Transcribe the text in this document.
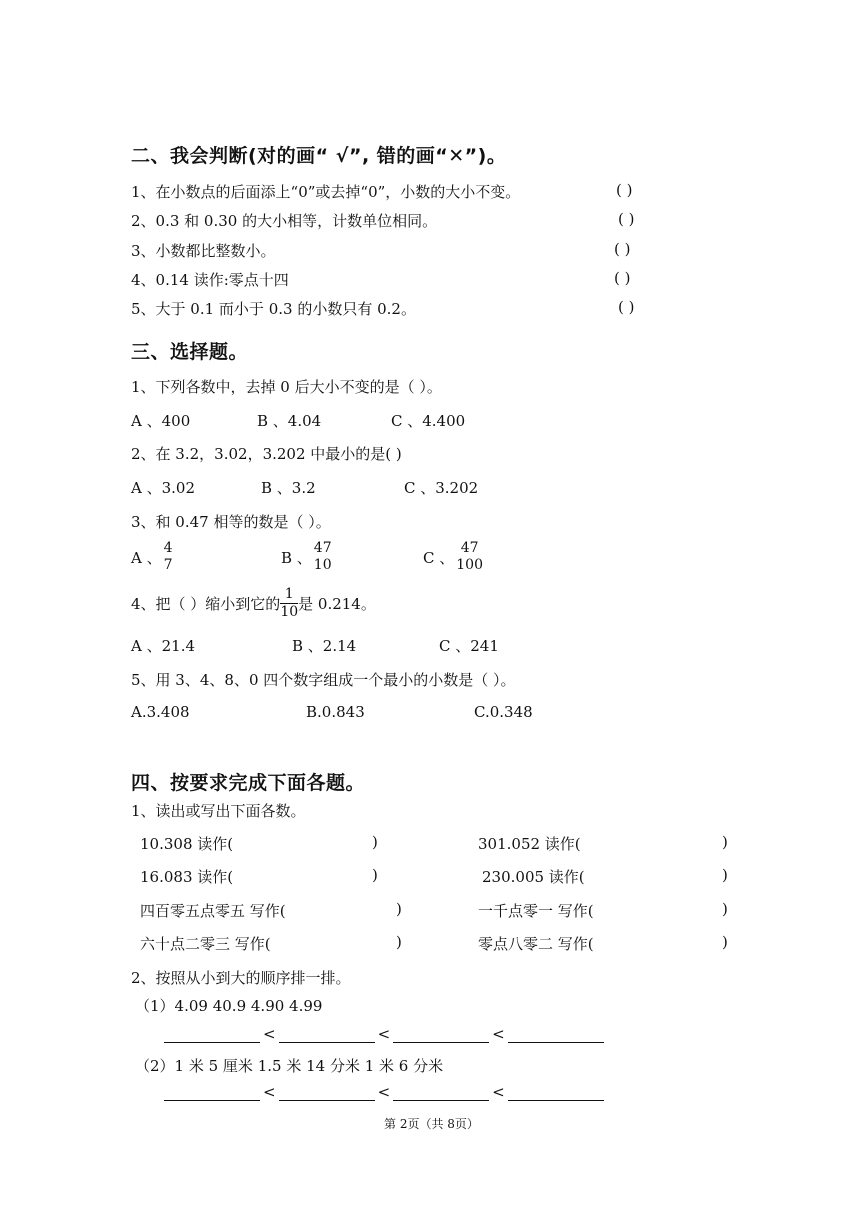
二、我会判断(对的画“ √”, 错的画“✕”)。
1、在小数点的后面添上“0”或去掉“0”，小数的大小不变。	( )
2、0.3 和 0.30 的大小相等，计数单位相同。	( )
3、小数都比整数小。	( )
4、0.14 读作:零点十四	( )
5、大于 0.1 而小于 0.3 的小数只有 0.2。	( )
三、选择题。
1、下列各数中，去掉 0 后大小不变的是（ ）。
A 、400	B 、4.04	C 、4.400
2、在 3.2，3.02，3.202 中最小的是( )
A 、3.02	B 、3.2	C 、3.202
3、和 0.47 相等的数是（ ）。
A 、
4
7	B 、
47
10	C 、
47
100
4、把（ ）缩小到它的 $\frac{1}{10}$ 是 0.214。
A 、21.4	B 、2.14	C 、241
5、用 3、4、8、0 四个数字组成一个最小的小数是（ ）。
A.3.408	B.0.843	C.0.348
四、按要求完成下面各题。
1、读出或写出下面各数。
10.308 读作(	)	301.052 读作(	)
16.083 读作(	)	230.005 读作(	)
四百零五点零五 写作(	)	一千点零一 写作(	)
六十点二零三 写作(	)	零点八零二 写作(	)
2、按照从小到大的顺序排一排。
（1）4.09 40.9 4.90 4.99
<	<	<
（2）1 米 5 厘米 1.5 米 14 分米 1 米 6 分米
<	<	<
第 2页（共 8页）
